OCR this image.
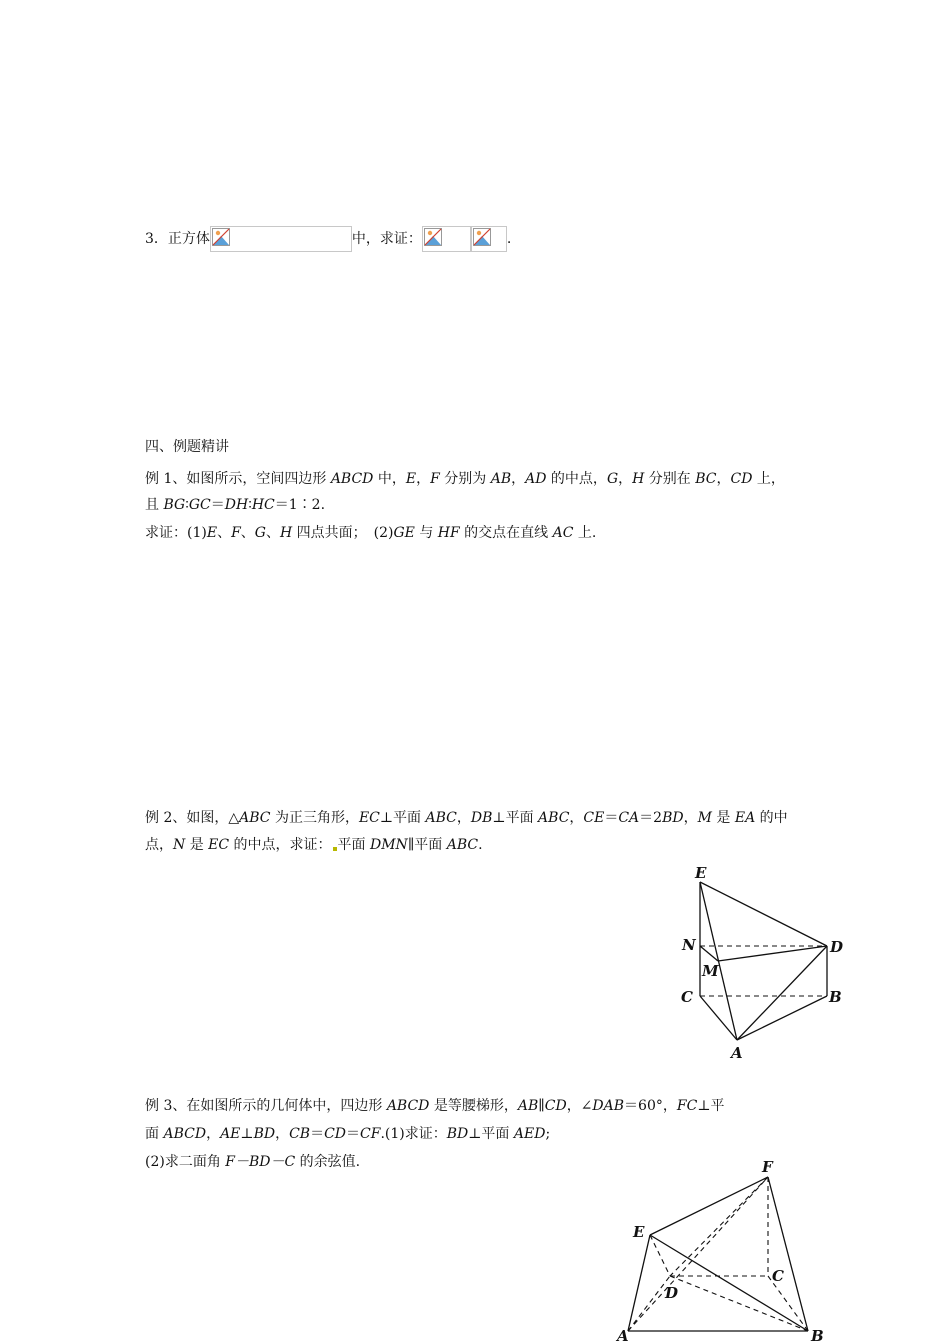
3．正方体	中，求证：	.
四、例题精讲
例 1、如图所示，空间四边形 ABCD 中，E，F 分别为 AB，AD 的中点，G，H 分别在 BC，CD 上，
且 BG∶GC＝DH∶HC＝1∶2.
求证：(1)E、F、G、H 四点共面；　(2)GE 与 HF 的交点在直线 AC 上.
例 2、如图，△ABC 为正三角形，EC⊥平面 ABC，DB⊥平面 ABC，CE＝CA＝2BD，M 是 EA 的中
点，N 是 EC 的中点，求证： 平面 DMN∥平面 ABC.
E
N
M
D
C	B
A
例 3、在如图所示的几何体中，四边形 ABCD 是等腰梯形，AB∥CD，∠DAB＝60°，FC⊥平
面 ABCD，AE⊥BD，CB＝CD＝CF.(1)求证：BD⊥平面 AED;
(2)求二面角 F－BD－C 的余弦值.	F
E
C
D
A	B
